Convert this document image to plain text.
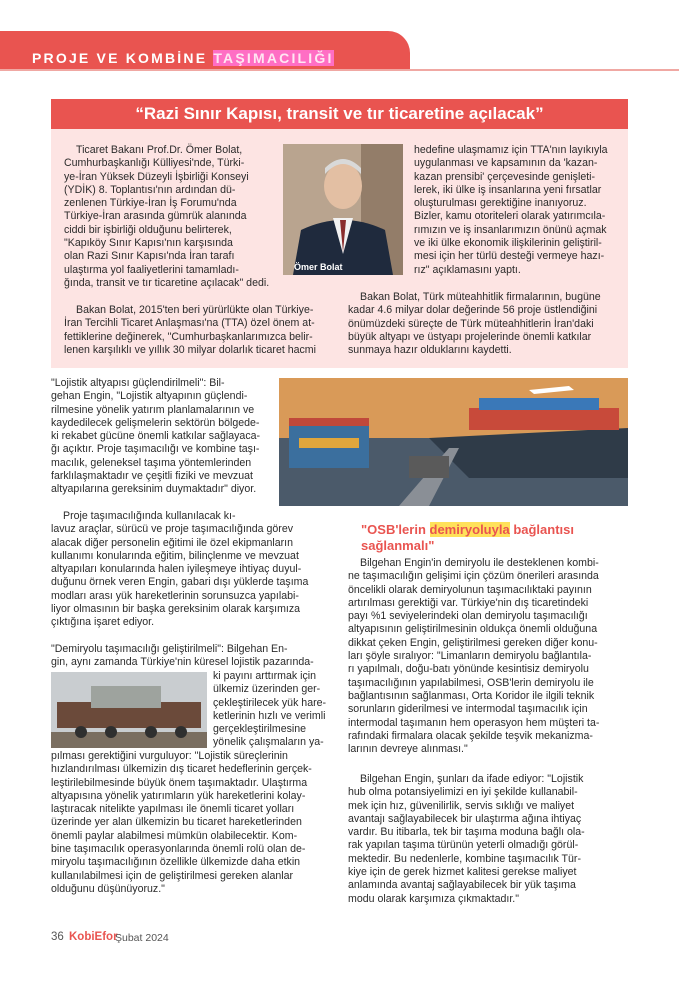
PROJE VE KOMBİNE TAŞIMACILIĞI
“Razi Sınır Kapısı, transit ve tır ticaretine açılacak”

Ticaret Bakanı Prof.Dr. Ömer Bolat,
Cumhurbaşkanlığı Külliyesi'nde, Türki-
ye-İran Yüksek Düzeyli İşbirliği Konseyi
(YDİK) 8. Toplantısı'nın ardından dü-
zenlenen Türkiye-İran İş Forumu'nda
Türkiye-İran arasında gümrük alanında
ciddi bir işbirliği olduğunu belirterek,
"Kapıköy Sınır Kapısı'nın karşısında
olan Razi Sınır Kapısı'nda İran tarafı
ulaştırma yol faaliyetlerini tamamladı-
ğında, transit ve tır ticaretine açılacak" dedi.

Bakan Bolat, 2015'ten beri yürürlükte olan Türkiye-
İran Tercihli Ticaret Anlaşması'na (TTA) özel önem at-
fettiklerine değinerek, "Cumhurbaşkanlarımızca belir-
lenen karşılıklı ve yıllık 30 milyar dolarlık ticaret hacmi

Ömer Bolat

hedefine ulaşmamız için TTA'nın layıkıyla
uygulanması ve kapsamının da 'kazan-
kazan prensibi' çerçevesinde genişleti-
lerek, iki ülke iş insanlarına yeni fırsatlar
oluşturulması gerektiğine inanıyoruz.
Bizler, kamu otoriteleri olarak yatırımcıla-
rımızın ve iş insanlarımızın önünü açmak
ve iki ülke ekonomik ilişkilerinin geliştiril-
mesi için her türlü desteği vermeye hazı-
rız" açıklamasını yaptı.

Bakan Bolat, Türk müteahhitlik firmalarının, bugüne
kadar 4.6 milyar dolar değerinde 56 proje üstlendiğini
önümüzdeki süreçte de Türk müteahhitlerin İran'daki
büyük altyapı ve üstyapı projelerinde önemli katkılar
sunmaya hazır olduklarını kaydetti.

"Lojistik altyapısı güçlendirilmeli": Bil-
gehan Engin, "Lojistik altyapının güçlendi-
rilmesine yönelik yatırım planlamalarının ve
kaydedilecek gelişmelerin sektörün bölgede-
ki rekabet gücüne önemli katkılar sağlayaca-
ğı açıktır. Proje taşımacılığı ve kombine taşı-
macılık, geleneksel taşıma yöntemlerinden
farklılaşmaktadır ve çeşitli fiziki ve mevzuat
altyapılarına gereksinim duymaktadır" diyor.

Proje taşımacılığında kullanılacak kı-
lavuz araçlar, sürücü ve proje taşımacılığında görev
alacak diğer personelin eğitimi ile özel ekipmanların
kullanımı konularında eğitim, bilinçlenme ve mevzuat
altyapıları konularında halen iyileşmeye ihtiyaç duyul-
duğunu örnek veren Engin, gabari dışı yüklerde taşıma
modları arası yük hareketlerinin sorunsuzca yapılabi-
liyor olmasının bir başka gereksinim olarak karşımıza
çıktığına işaret ediyor.

"Demiryolu taşımacılığı geliştirilmeli": Bilgehan En-
gin, aynı zamanda Türkiye'nin küresel lojistik pazarında-

ki payını arttırmak için
ülkemiz üzerinden ger-
çekleştirilecek yük hare-
ketlerinin hızlı ve verimli
gerçekleştirilmesine
yönelik çalışmaların ya-

pılması gerektiğini vurguluyor: "Lojistik süreçlerinin
hızlandırılması ülkemizin dış ticaret hedeflerinin gerçek-
leştirilebilmesinde büyük önem taşımaktadır. Ulaştırma
altyapısına yönelik yatırımların yük hareketlerini kolay-
laştıracak nitelikte yapılması ile önemli ticaret yolları
üzerinde yer alan ülkemizin bu ticaret hareketlerinden
önemli paylar alabilmesi mümkün olabilecektir. Kom-
bine taşımacılık operasyonlarında önemli rolü olan de-
miryolu taşımacılığının özellikle ülkemizde daha etkin
kullanılabilmesi için de geliştirilmesi gereken alanlar
olduğunu düşünüyoruz."

"OSB'lerin demiryoluyla bağlantısı
sağlanmalı"

Bilgehan Engin'in demiryolu ile desteklenen kombi-
ne taşımacılığın gelişimi için çözüm önerileri arasında
öncelikli olarak demiryolunun taşımacılıktaki payının
artırılması gerektiği var. Türkiye'nin dış ticaretindeki
payı %1 seviyelerindeki olan demiryolu taşımacılığı
altyapısının geliştirilmesinin oldukça önemli olduğuna
dikkat çeken Engin, geliştirilmesi gereken diğer konu-
ları şöyle sıralıyor: "Limanların demiryolu bağlantıla-
rı yapılmalı, doğu-batı yönünde kesintisiz demiryolu
taşımacılığının yapılabilmesi, OSB'lerin demiryolu ile
bağlantısının sağlanması, Orta Koridor ile ilgili teknik
sorunların giderilmesi ve intermodal taşımacılık için
intermodal taşımanın hem operasyon hem müşteri ta-
rafındaki firmalara olacak şekilde teşvik mekanizma-
larının devreye alınması."

Bilgehan Engin, şunları da ifade ediyor: "Lojistik
hub olma potansiyelimizi en iyi şekilde kullanabil-
mek için hız, güvenilirlik, servis sıklığı ve maliyet
avantajı sağlayabilecek bir ulaştırma ağına ihtiyaç
vardır. Bu itibarla, tek bir taşıma moduna bağlı ola-
rak yapılan taşıma türünün yeterli olmadığı görül-
mektedir. Bu nedenlerle, kombine taşımacılık Tür-
kiye için de gerek hizmet kalitesi gerekse maliyet
anlamında avantaj sağlayabilecek bir yük taşıma
modu olarak karşımıza çıkmaktadır."

36 KobiEfor
Şubat 2024
